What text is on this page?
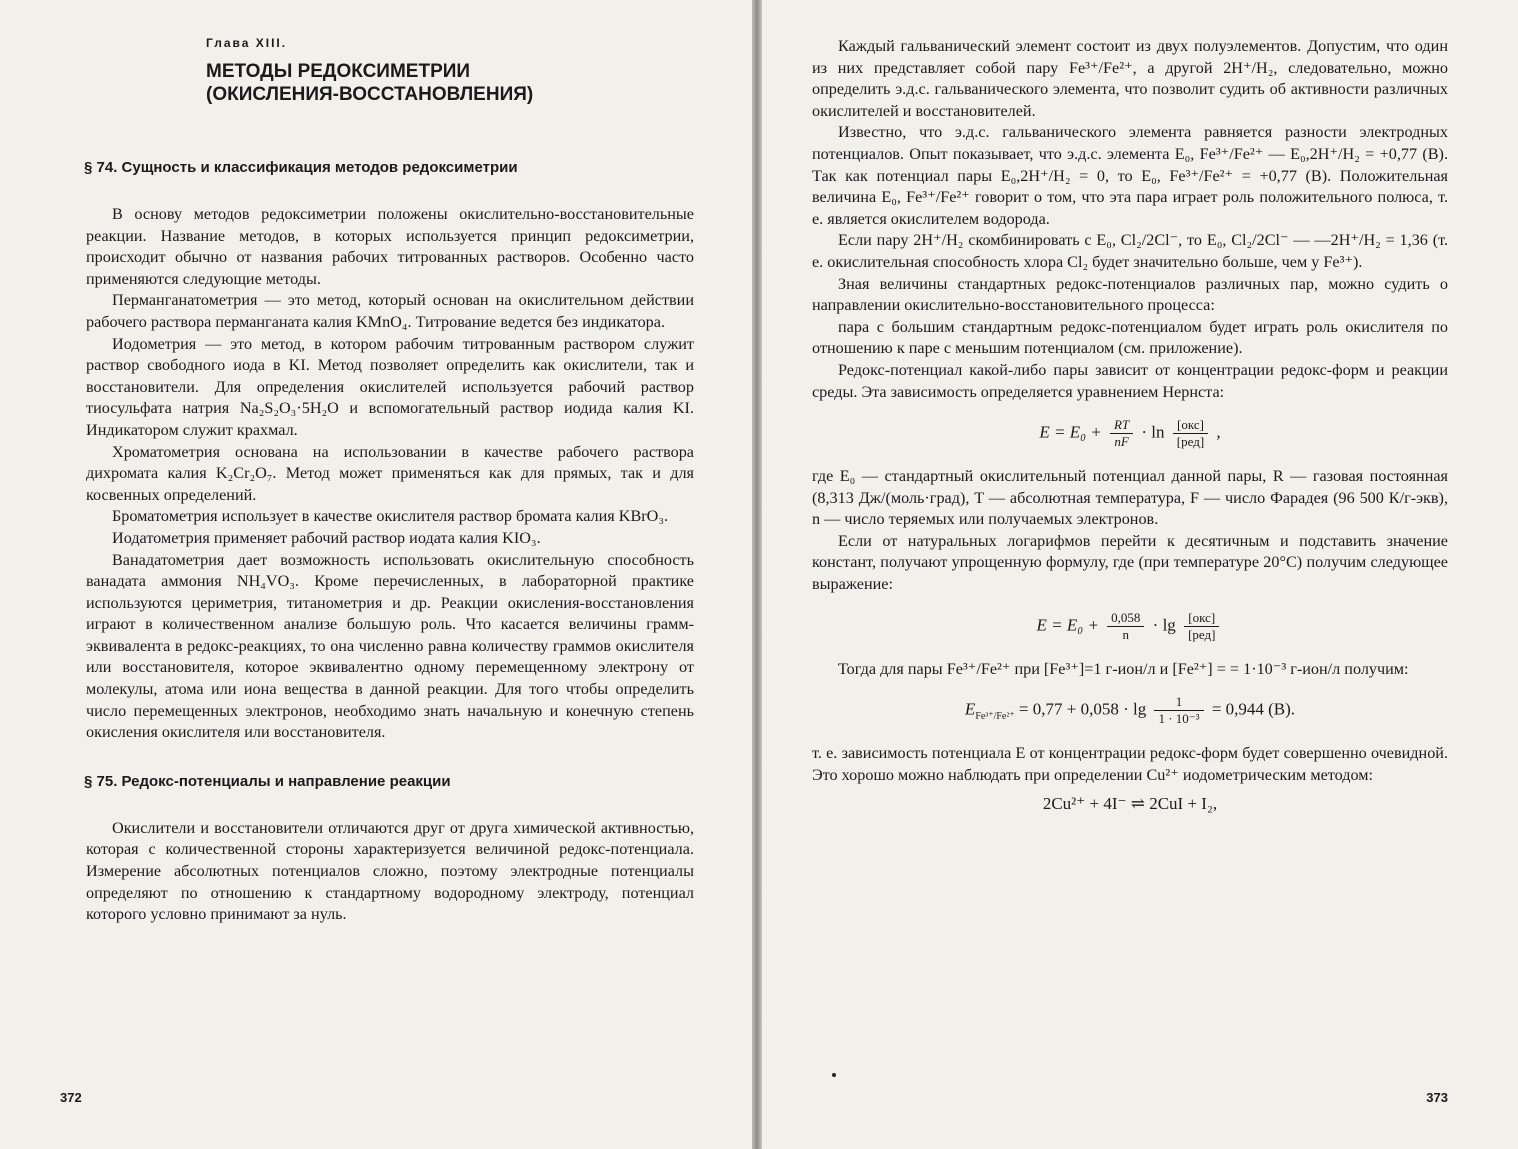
Глава XIII.
МЕТОДЫ РЕДОКСИМЕТРИИ
(ОКИСЛЕНИЯ-ВОССТАНОВЛЕНИЯ)
§ 74. Сущность и классификация методов редоксиметрии

В основу методов редоксиметрии положены окислительно-восстановительные реакции. Название методов, в которых используется принцип редоксиметрии, происходит обычно от названия рабочих титрованных растворов. Особенно часто применяются следующие методы.

Перманганатометрия — это метод, который основан на окислительном действии рабочего раствора перманганата калия KMnO₄. Титрование ведется без индикатора.

Иодометрия — это метод, в котором рабочим титрованным раствором служит раствор свободного иода в KI. Метод позволяет определить как окислители, так и восстановители. Для определения окислителей используется рабочий раствор тиосульфата натрия Na₂S₂O₃·5H₂O и вспомогательный раствор иодида калия KI. Индикатором служит крахмал.

Хроматометрия основана на использовании в качестве рабочего раствора дихромата калия K₂Cr₂O₇. Метод может применяться как для прямых, так и для косвенных определений.

Броматометрия использует в качестве окислителя раствор бромата калия KBrO₃.

Иодатометрия применяет рабочий раствор иодата калия KIO₃.

Ванадатометрия дает возможность использовать окислительную способность ванадата аммония NH₄VO₃. Кроме перечисленных, в лабораторной практике используются цериметрия, титанометрия и др. Реакции окисления-восстановления играют в количественном анализе большую роль. Что касается величины грамм-эквивалента в редокс-реакциях, то она численно равна количеству граммов окислителя или восстановителя, которое эквивалентно одному перемещенному электрону от молекулы, атома или иона вещества в данной реакции. Для того чтобы определить число перемещенных электронов, необходимо знать начальную и конечную степень окисления окислителя или восстановителя.

§ 75. Редокс-потенциалы и направление реакции

Окислители и восстановители отличаются друг от друга химической активностью, которая с количественной стороны характеризуется величиной редокс-потенциала. Измерение абсолютных потенциалов сложно, поэтому электродные потенциалы определяют по отношению к стандартному водородному электроду, потенциал которого условно принимают за нуль.

372

Каждый гальванический элемент состоит из двух полуэлементов. Допустим, что один из них представляет собой пару Fe³⁺/Fe²⁺, а другой 2H⁺/H₂, следовательно, можно определить э.д.с. гальванического элемента, что позволит судить об активности различных окислителей и восстановителей.

Известно, что э.д.с. гальванического элемента равняется разности электродных потенциалов. Опыт показывает, что э.д.с. элемента E₀, Fe³⁺/Fe²⁺ — E₀,2H⁺/H₂ = +0,77 (B). Так как потенциал пары E₀,2H⁺/H₂ = 0, то E₀, Fe³⁺/Fe²⁺ = +0,77 (B). Положительная величина E₀, Fe³⁺/Fe²⁺ говорит о том, что эта пара играет роль положительного полюса, т. е. является окислителем водорода.

Если пару 2H⁺/H₂ скомбинировать с E₀, Cl₂/2Cl⁻, то E₀, Cl₂/2Cl⁻ — —2H⁺/H₂ = 1,36 (т. е. окислительная способность хлора Cl₂ будет значительно больше, чем у Fe³⁺).

Зная величины стандартных редокс-потенциалов различных пар, можно судить о направлении окислительно-восстановительного процесса:

пара с большим стандартным редокс-потенциалом будет играть роль окислителя по отношению к паре с меньшим потенциалом (см. приложение).

Редокс-потенциал какой-либо пары зависит от концентрации редокс-форм и реакции среды. Эта зависимость определяется уравнением Нернста:

$E = E_0 + \frac{RT}{nF} \cdot \ln \frac{\text{[окс]}}{\text{[ред]}}$ ,

где E₀ — стандартный окислительный потенциал данной пары, R — газовая постоянная (8,313 Дж/(моль·град), T — абсолютная температура, F — число Фарадея (96 500 К/г-экв), n — число теряемых или получаемых электронов.

Если от натуральных логарифмов перейти к десятичным и подставить значение констант, получают упрощенную формулу, где (при температуре 20°C) получим следующее выражение:

$E = E_0 + \frac{0,058}{n} \cdot \lg \frac{\text{[окс]}}{\text{[ред]}}$

Тогда для пары Fe³⁺/Fe²⁺ при [Fe³⁺]=1 г-ион/л и [Fe²⁺] = = 1·10⁻³ г-ион/л получим:

$E_{Fe^{3+}/Fe^{2+}} = 0,77 + 0,058 \cdot \lg \frac{1}{\text{1 · 10⁻³}} = 0,944$ (B).

т. е. зависимость потенциала E от концентрации редокс-форм будет совершенно очевидной. Это хорошо можно наблюдать при определении Cu²⁺ иодометрическим методом:

2Cu²⁺ + 4I⁻ ⇌ 2CuI + I₂,
373
